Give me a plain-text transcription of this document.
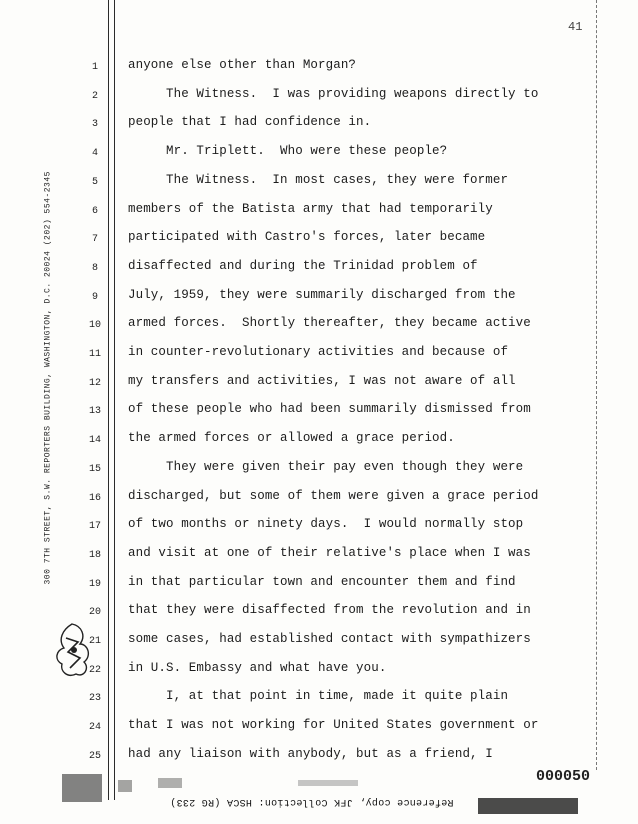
41
300 7TH STREET, S.W. REPORTERS BUILDING, WASHINGTON, D.C. 20024 (202) 554-2345
1	anyone else other than Morgan?
2	The Witness.  I was providing weapons directly to
3	people that I had confidence in.
4	Mr. Triplett.  Who were these people?
5	The Witness.  In most cases, they were former
6	members of the Batista army that had temporarily
7	participated with Castro's forces, later became
8	disaffected and during the Trinidad problem of
9	July, 1959, they were summarily discharged from the
10 armed forces.  Shortly thereafter, they became active
11 in counter-revolutionary activities and because of
12 my transfers and activities, I was not aware of all
13 of these people who had been summarily dismissed from
14 the armed forces or allowed a grace period.
15 They were given their pay even though they were
16 discharged, but some of them were given a grace period
17 of two months or ninety days.  I would normally stop
18 and visit at one of their relative's place when I was
19 in that particular town and encounter them and find
20 that they were disaffected from the revolution and in
21 some cases, had established contact with sympathizers
22 in U.S. Embassy and what have you.
23 I, at that point in time, made it quite plain
24 that I was not working for United States government or
25 had any liaison with anybody, but as a friend, I
Reference copy, JFK Collection: HSCA (RG 233)
000050
